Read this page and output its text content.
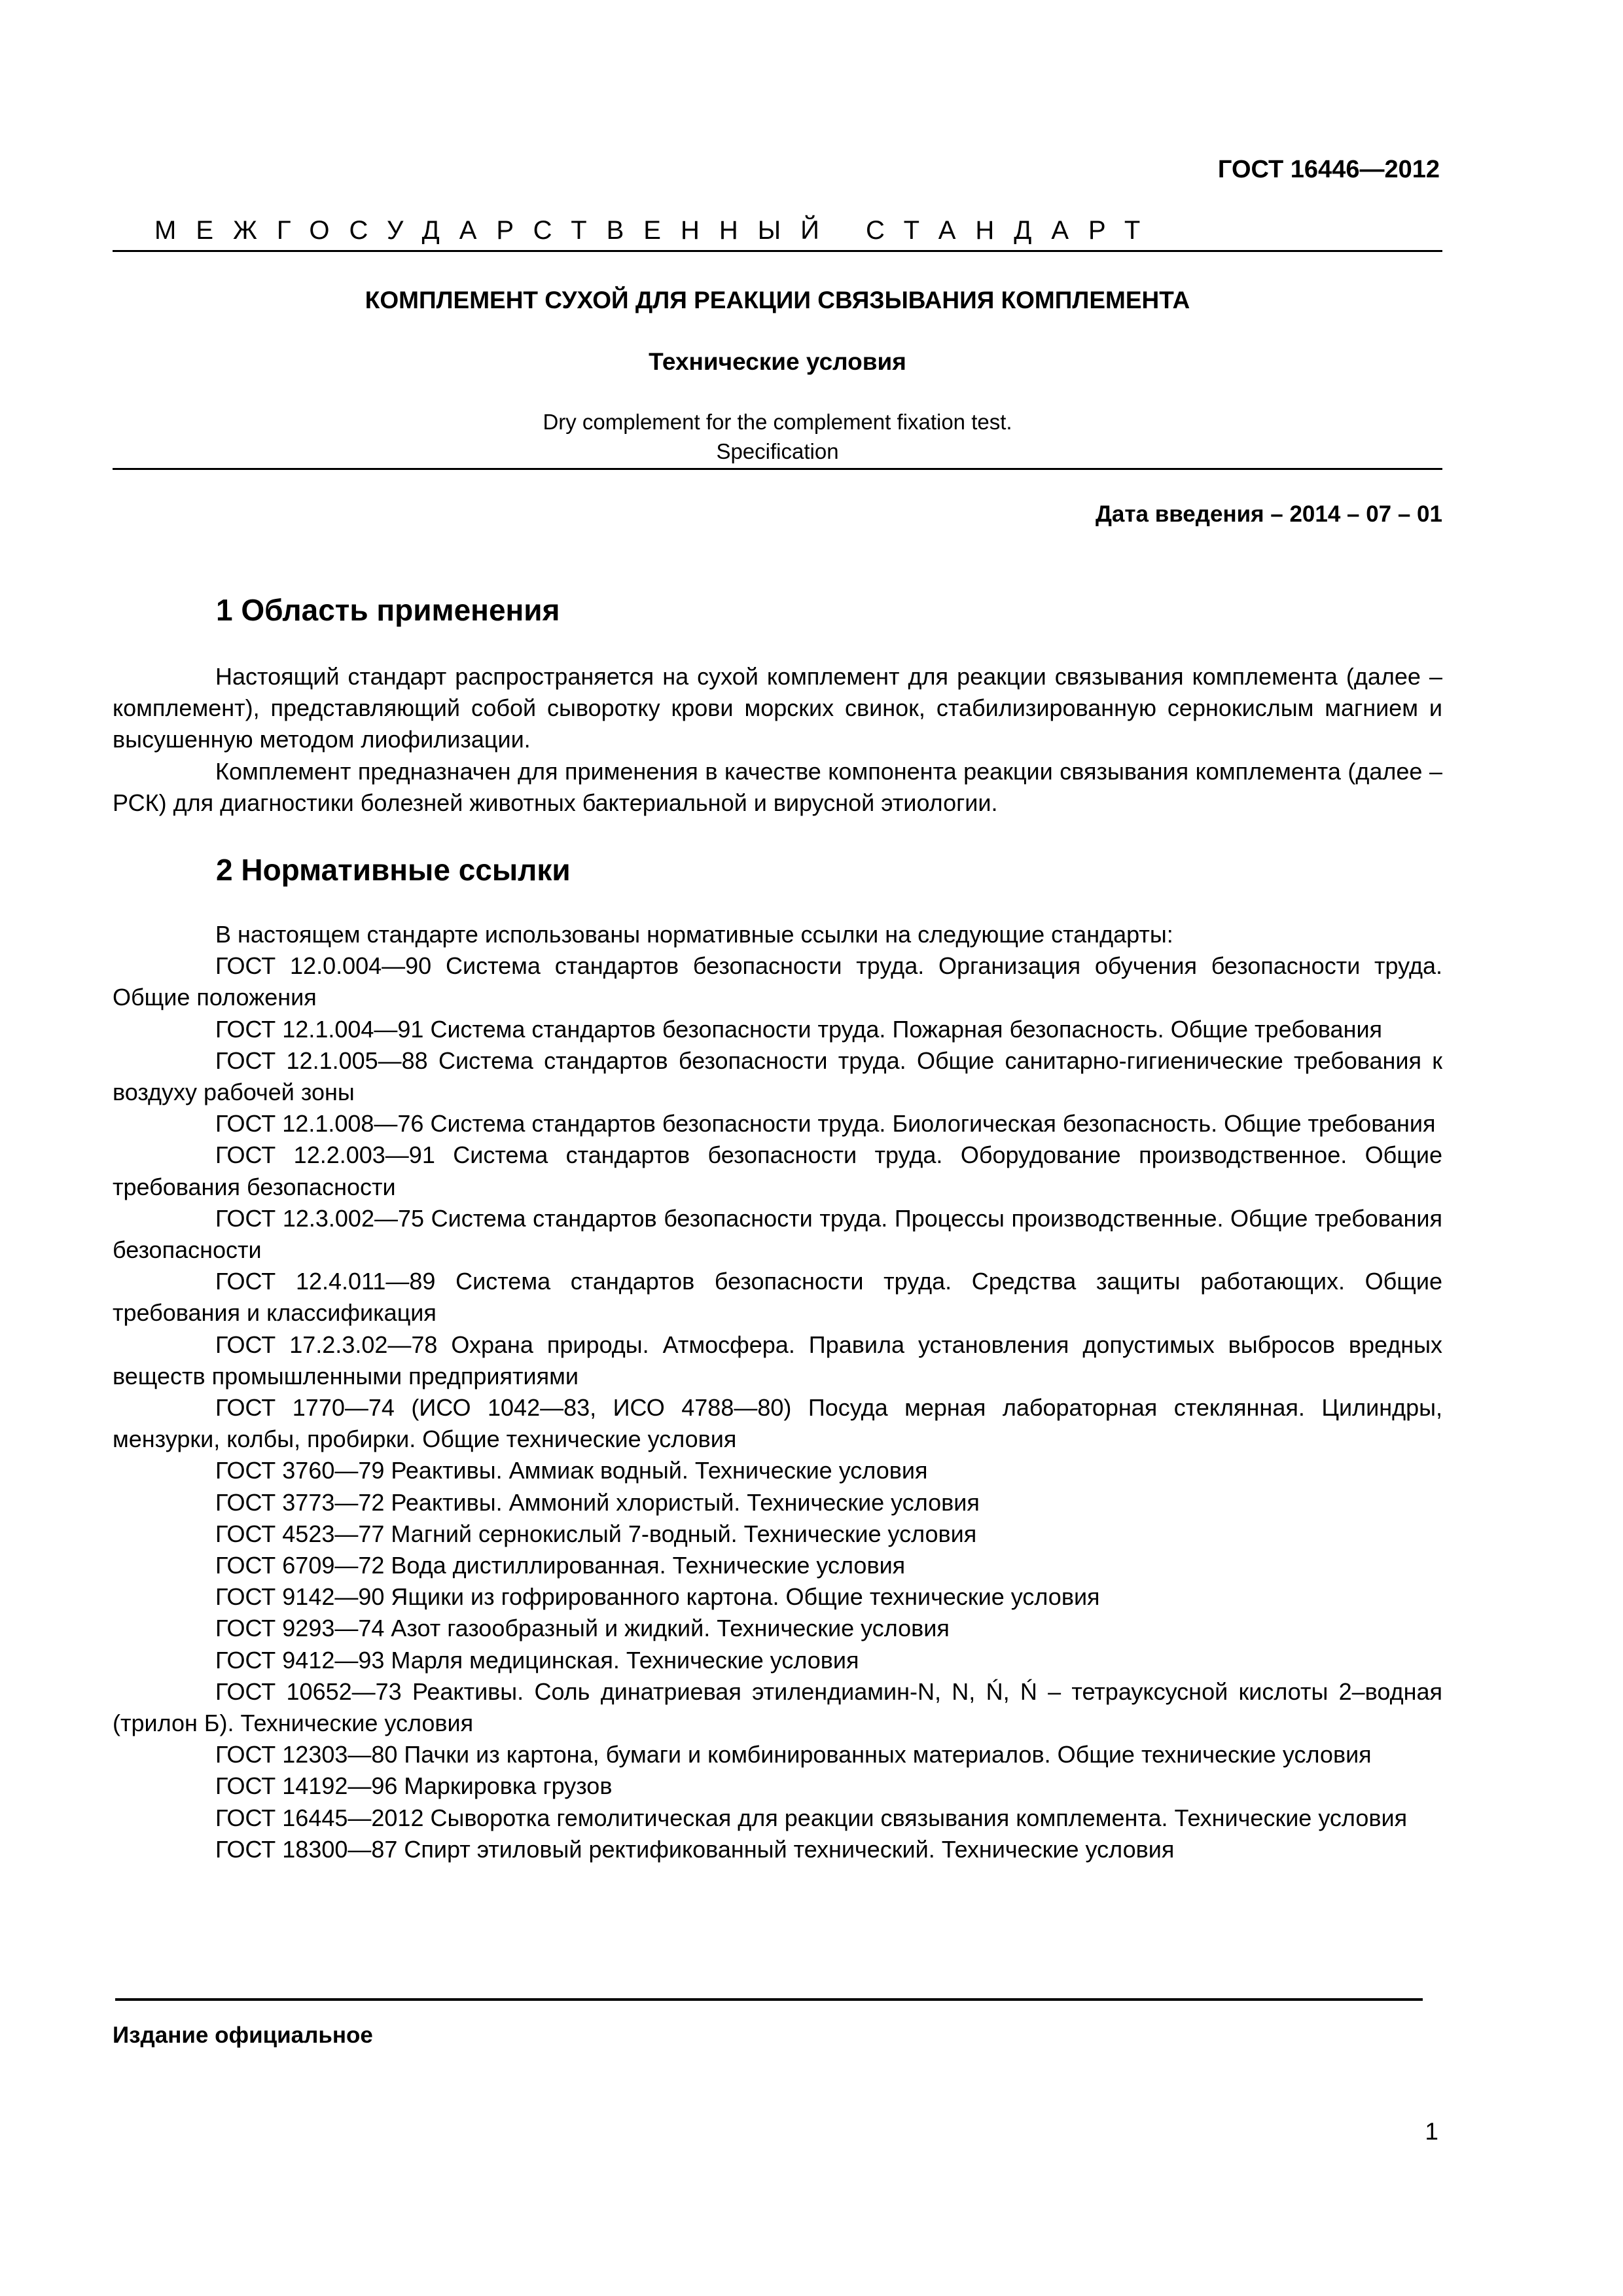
ГОСТ 16446—2012
МЕЖГОСУДАРСТВЕННЫЙ СТАНДАРТ
КОМПЛЕМЕНТ СУХОЙ ДЛЯ РЕАКЦИИ СВЯЗЫВАНИЯ КОМПЛЕМЕНТА
Технические условия
Dry complement for the complement fixation test.
Specification
Дата введения – 2014 – 07 – 01
1 Область применения

Настоящий стандарт распространяется на сухой комплемент для реакции связывания комплемента (далее – комплемент), представляющий собой сыворотку крови морских свинок, стабилизированную сернокислым магнием и высушенную методом лиофилизации.

Комплемент предназначен для применения в качестве компонента реакции связывания комплемента (далее – РСК) для диагностики болезней животных бактериальной и вирусной этиологии.

2 Нормативные ссылки

В настоящем стандарте использованы нормативные ссылки на следующие стандарты:

ГОСТ 12.0.004—90 Система стандартов безопасности труда. Организация обучения безопасности труда. Общие положения

ГОСТ 12.1.004—91 Система стандартов безопасности труда. Пожарная безопасность. Общие требования

ГОСТ 12.1.005—88 Система стандартов безопасности труда. Общие санитарно-гигиенические требования к воздуху рабочей зоны

ГОСТ 12.1.008—76 Система стандартов безопасности труда. Биологическая безопасность. Общие требования

ГОСТ 12.2.003—91 Система стандартов безопасности труда. Оборудование производственное. Общие требования безопасности

ГОСТ 12.3.002—75 Система стандартов безопасности труда. Процессы производственные. Общие требования безопасности

ГОСТ 12.4.011—89 Система стандартов безопасности труда. Средства защиты работающих. Общие требования и классификация

ГОСТ 17.2.3.02—78 Охрана природы. Атмосфера. Правила установления допустимых выбросов вредных веществ промышленными предприятиями

ГОСТ 1770—74 (ИСО 1042—83, ИСО 4788—80) Посуда мерная лабораторная стеклянная. Цилиндры, мензурки, колбы, пробирки. Общие технические условия

ГОСТ 3760—79 Реактивы. Аммиак водный. Технические условия

ГОСТ 3773—72 Реактивы. Аммоний хлористый. Технические условия

ГОСТ 4523—77 Магний сернокислый 7-водный. Технические условия

ГОСТ 6709—72 Вода дистиллированная. Технические условия

ГОСТ 9142—90 Ящики из гофрированного картона. Общие технические условия

ГОСТ 9293—74 Азот газообразный и жидкий. Технические условия

ГОСТ 9412—93 Марля медицинская. Технические условия

ГОСТ 10652—73 Реактивы. Соль динатриевая этилендиамин-N, N, Ń, Ń – тетрауксусной кислоты 2–водная (трилон Б). Технические условия

ГОСТ 12303—80 Пачки из картона, бумаги и комбинированных материалов. Общие технические условия

ГОСТ 14192—96 Маркировка грузов

ГОСТ 16445—2012 Сыворотка гемолитическая для реакции связывания комплемента. Технические условия

ГОСТ 18300—87 Спирт этиловый ректификованный технический. Технические условия

Издание официальное
1
